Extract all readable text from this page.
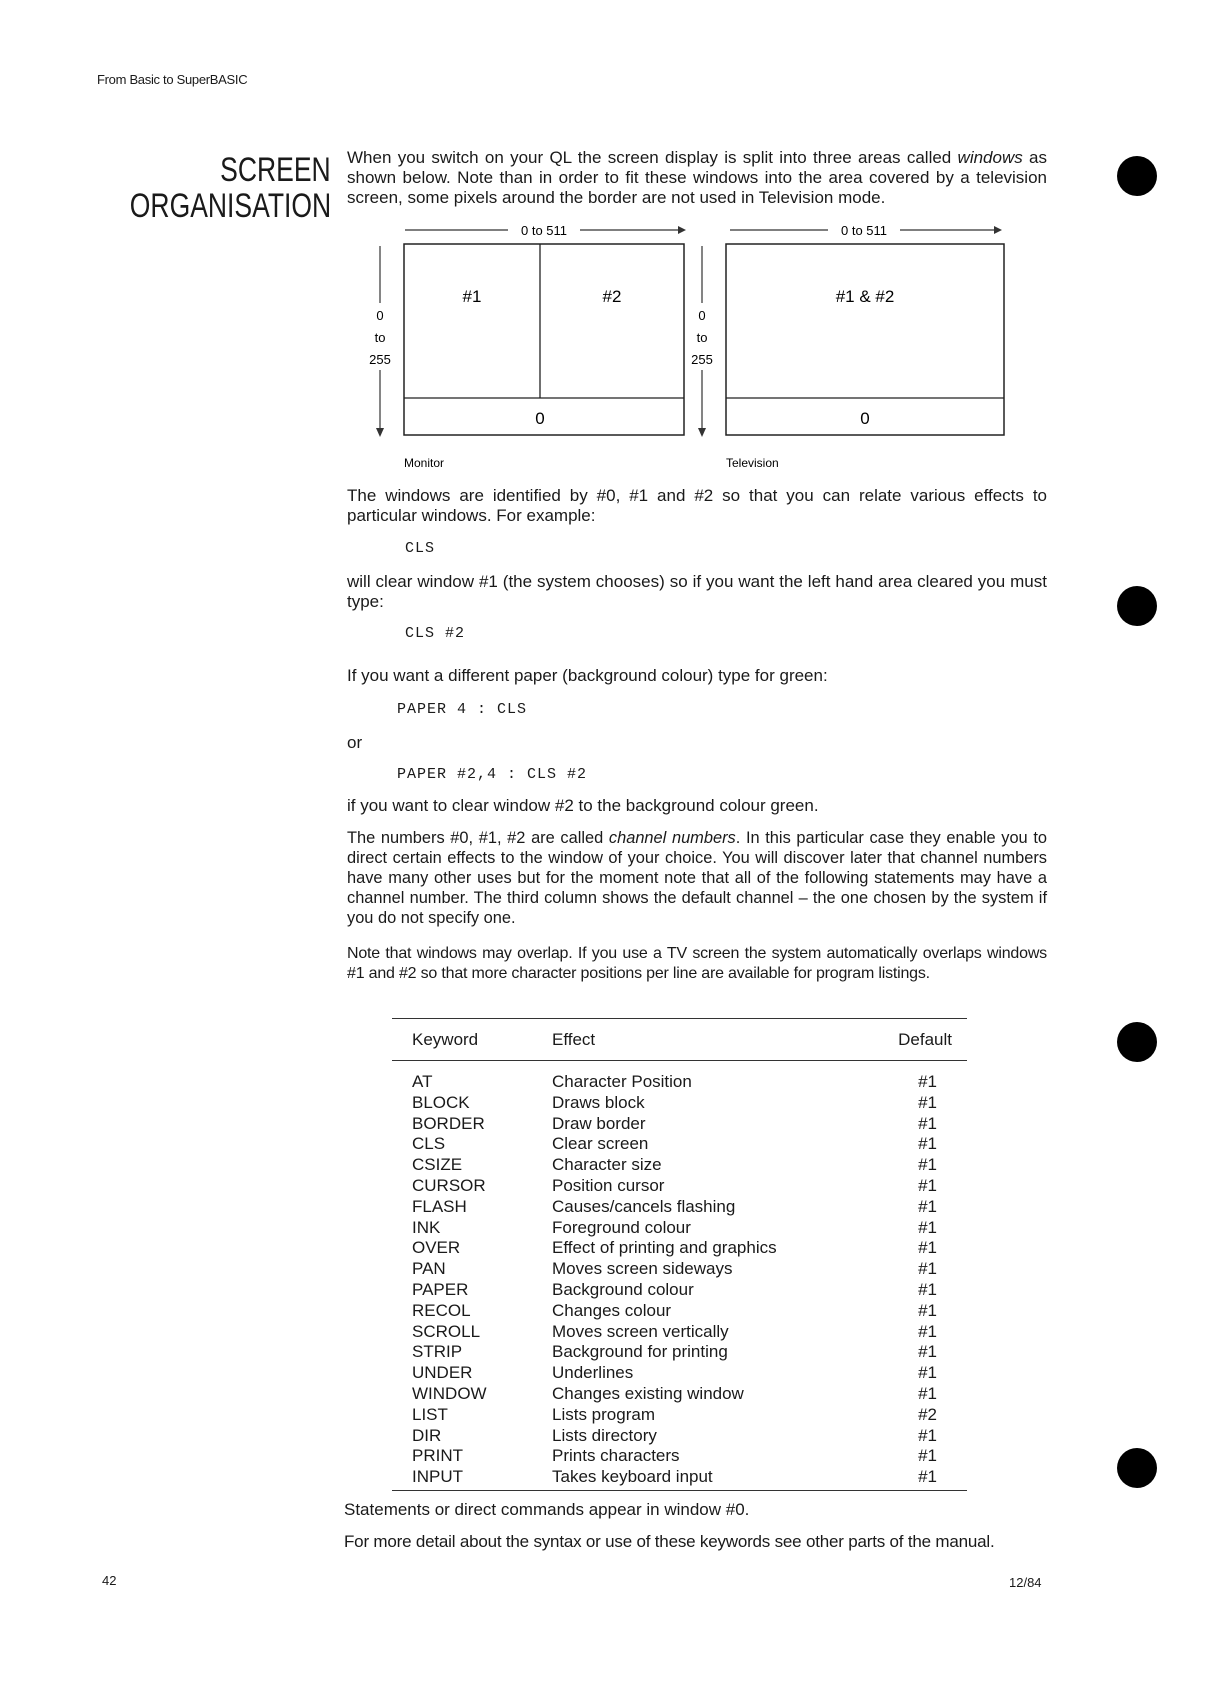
From Basic to SuperBASIC
SCREEN
ORGANISATION
When you switch on your QL the screen display is split into three areas called windows as shown below. Note than in order to fit these windows into the area covered by a television screen, some pixels around the border are not used in Television mode.
0 to 511
0
to
255
#1	#2
0
Monitor
0 to 511
0
to
255
#1 & #2
0
Television
The windows are identified by #0, #1 and #2 so that you can relate various effects to particular windows. For example:
CLS
will clear window #1 (the system chooses) so if you want the left hand area cleared you must type:
CLS #2
If you want a different paper (background colour) type for green:
PAPER 4 : CLS
or
PAPER #2,4 : CLS #2
if you want to clear window #2 to the background colour green.
The numbers #0, #1, #2 are called channel numbers. In this particular case they enable you to direct certain effects to the window of your choice. You will discover later that channel numbers have many other uses but for the moment note that all of the following statements may have a channel number. The third column shows the default channel – the one chosen by the system if you do not specify one.
Note that windows may overlap. If you use a TV screen the system automatically overlaps windows #1 and #2 so that more character positions per line are available for program listings.
Keyword	Effect	Default
AT	Character Position	#1
BLOCK	Draws block	#1
BORDER	Draw border	#1
CLS	Clear screen	#1
CSIZE	Character size	#1
CURSOR	Position cursor	#1
FLASH	Causes/cancels flashing	#1
INK	Foreground colour	#1
OVER	Effect of printing and graphics	#1
PAN	Moves screen sideways	#1
PAPER	Background colour	#1
RECOL	Changes colour	#1
SCROLL	Moves screen vertically	#1
STRIP	Background for printing	#1
UNDER	Underlines	#1
WINDOW	Changes existing window	#1
LIST	Lists program	#2
DIR	Lists directory	#1
PRINT	Prints characters	#1
INPUT	Takes keyboard input	#1
Statements or direct commands appear in window #0.
For more detail about the syntax or use of these keywords see other parts of the manual.
42	12/84
